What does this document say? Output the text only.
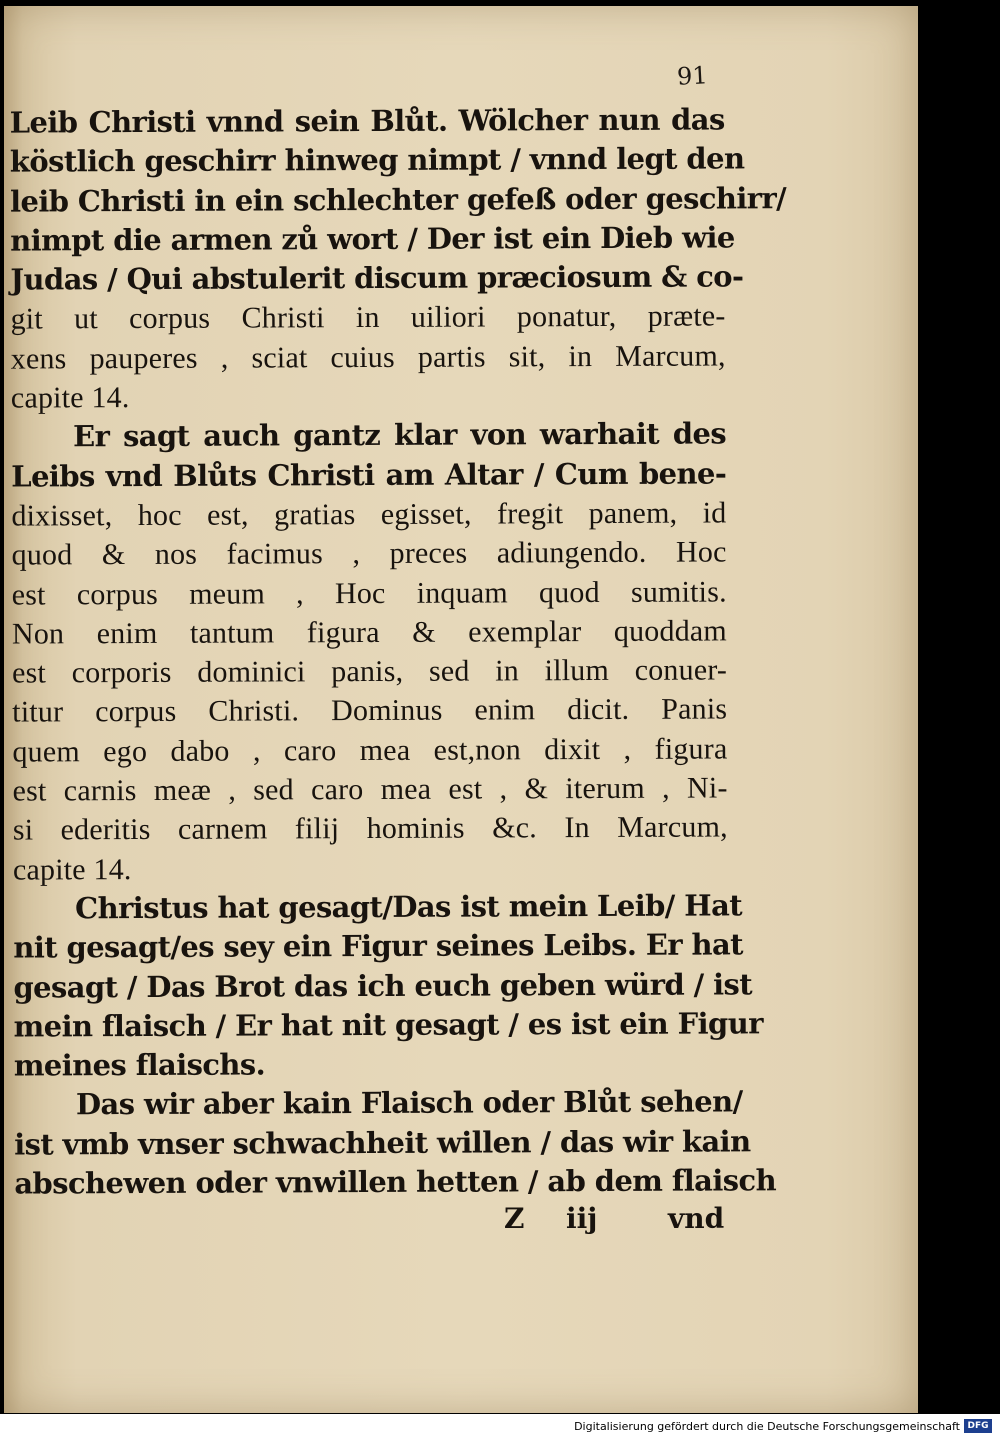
91
Leib Christi vnnd sein Blůt. Wölcher nun das
köstlich geschirr hinweg nimpt / vnnd legt den
leib Christi in ein schlechter gefeß oder geschirr/
nimpt die armen zů wort / Der ist ein Dieb wie
Judas / Qui abstulerit discum præciosum & co-
git ut corpus Christi in uiliori ponatur, præte-
xens pauperes , sciat cuius partis sit, in Marcum,
capite 14.
Er sagt auch gantz klar von warhait des
Leibs vnd Blůts Christi am Altar / Cum bene-
dixisset, hoc est, gratias egisset, fregit panem, id
quod & nos facimus , preces adiungendo. Hoc
est corpus meum , Hoc inquam quod sumitis.
Non enim tantum figura & exemplar quoddam
est corporis dominici panis, sed in illum conuer-
titur corpus Christi. Dominus enim dicit. Panis
quem ego dabo , caro mea est,non dixit , figura
est carnis meæ , sed caro mea est , & iterum , Ni-
si ederitis carnem filij hominis &c. In Marcum,
capite 14.
Christus hat gesagt/Das ist mein Leib/ Hat
nit gesagt/es sey ein Figur seines Leibs. Er hat
gesagt / Das Brot das ich euch geben würd / ist
mein flaisch / Er hat nit gesagt / es ist ein Figur
meines flaischs.
Das wir aber kain Flaisch oder Blůt sehen/
ist vmb vnser schwachheit willen / das wir kain
abschewen oder vnwillen hetten / ab dem flaisch
Z iij	vnd
Digitalisierung gefördert durch die Deutsche Forschungsgemeinschaft DFG
